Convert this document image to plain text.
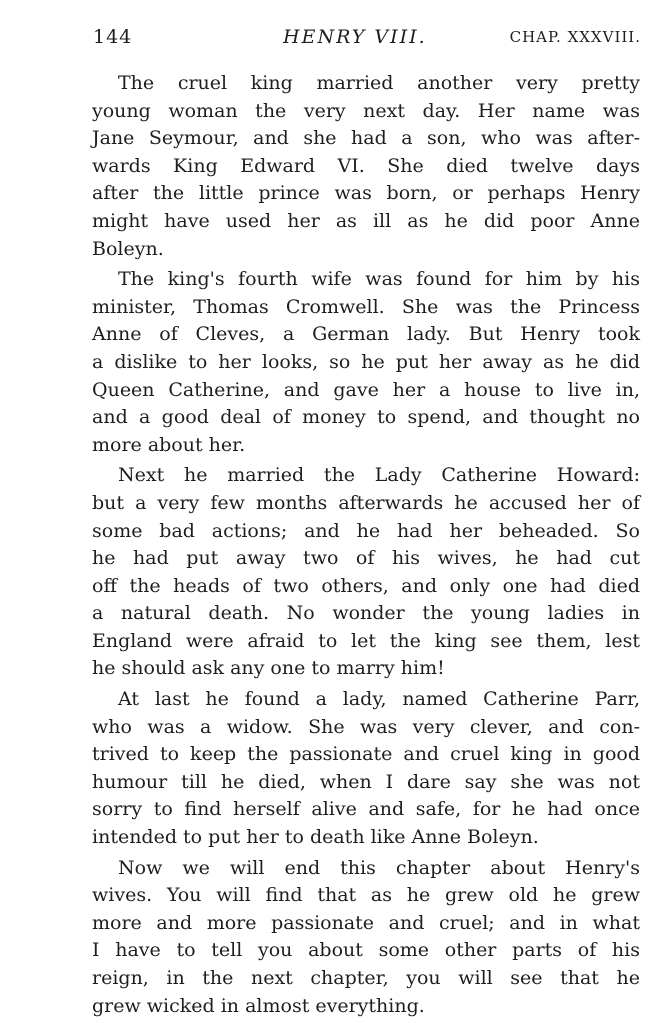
144	HENRY VIII.	CHAP. XXXVIII.
The cruel king married another very pretty
young woman the very next day. Her name was
Jane Seymour, and she had a son, who was after-
wards King Edward VI. She died twelve days
after the little prince was born, or perhaps Henry
might have used her as ill as he did poor Anne
Boleyn.
The king's fourth wife was found for him by his
minister, Thomas Cromwell. She was the Princess
Anne of Cleves, a German lady. But Henry took
a dislike to her looks, so he put her away as he did
Queen Catherine, and gave her a house to live in,
and a good deal of money to spend, and thought no
more about her.
Next he married the Lady Catherine Howard:
but a very few months afterwards he accused her of
some bad actions; and he had her beheaded. So
he had put away two of his wives, he had cut
off the heads of two others, and only one had died
a natural death. No wonder the young ladies in
England were afraid to let the king see them, lest
he should ask any one to marry him!
At last he found a lady, named Catherine Parr,
who was a widow. She was very clever, and con-
trived to keep the passionate and cruel king in good
humour till he died, when I dare say she was not
sorry to find herself alive and safe, for he had once
intended to put her to death like Anne Boleyn.
Now we will end this chapter about Henry's
wives. You will find that as he grew old he grew
more and more passionate and cruel; and in what
I have to tell you about some other parts of his
reign, in the next chapter, you will see that he
grew wicked in almost everything.
